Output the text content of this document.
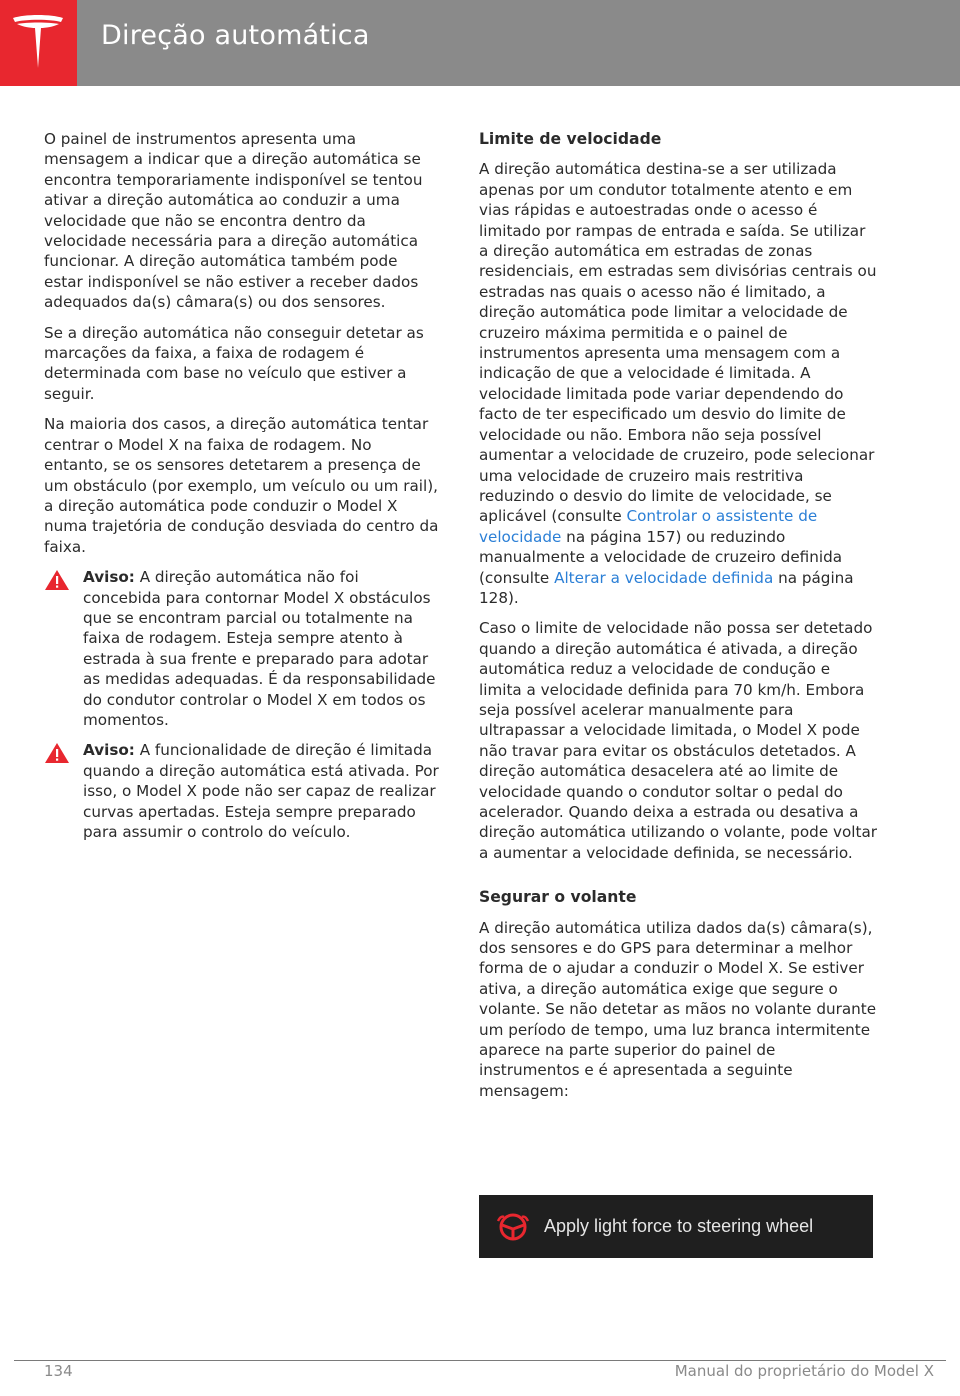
Direção automática

O painel de instrumentos apresenta uma mensagem a indicar que a direção automática se encontra temporariamente indisponível se tentou ativar a direção automática ao conduzir a uma velocidade que não se encontra dentro da velocidade necessária para a direção automática funcionar. A direção automática também pode estar indisponível se não estiver a receber dados adequados da(s) câmara(s) ou dos sensores.

Se a direção automática não conseguir detetar as marcações da faixa, a faixa de rodagem é determinada com base no veículo que estiver a seguir.

Na maioria dos casos, a direção automática tentar centrar o Model X na faixa de rodagem. No entanto, se os sensores detetarem a presença de um obstáculo (por exemplo, um veículo ou um rail), a direção automática pode conduzir o Model X numa trajetória de condução desviada do centro da faixa.

Aviso: A direção automática não foi concebida para contornar Model X obstáculos que se encontram parcial ou totalmente na faixa de rodagem. Esteja sempre atento à estrada à sua frente e preparado para adotar as medidas adequadas. É da responsabilidade do condutor controlar o Model X em todos os momentos.
Aviso: A funcionalidade de direção é limitada quando a direção automática está ativada. Por isso, o Model X pode não ser capaz de realizar curvas apertadas. Esteja sempre preparado para assumir o controlo do veículo.
Limite de velocidade

A direção automática destina-se a ser utilizada apenas por um condutor totalmente atento e em vias rápidas e autoestradas onde o acesso é limitado por rampas de entrada e saída. Se utilizar a direção automática em estradas de zonas residenciais, em estradas sem divisórias centrais ou estradas nas quais o acesso não é limitado, a direção automática pode limitar a velocidade de cruzeiro máxima permitida e o painel de instrumentos apresenta uma mensagem com a indicação de que a velocidade é limitada. A velocidade limitada pode variar dependendo do facto de ter especificado um desvio do limite de velocidade ou não. Embora não seja possível aumentar a velocidade de cruzeiro, pode selecionar uma velocidade de cruzeiro mais restritiva reduzindo o desvio do limite de velocidade, se aplicável (consulte Controlar o assistente de velocidade na página 157) ou reduzindo manualmente a velocidade de cruzeiro definida (consulte Alterar a velocidade definida na página 128).

Caso o limite de velocidade não possa ser detetado quando a direção automática é ativada, a direção automática reduz a velocidade de condução e limita a velocidade definida para 70 km/h. Embora seja possível acelerar manualmente para ultrapassar a velocidade limitada, o Model X pode não travar para evitar os obstáculos detetados. A direção automática desacelera até ao limite de velocidade quando o condutor soltar o pedal do acelerador. Quando deixa a estrada ou desativa a direção automática utilizando o volante, pode voltar a aumentar a velocidade definida, se necessário.

Segurar o volante

A direção automática utiliza dados da(s) câmara(s), dos sensores e do GPS para determinar a melhor forma de o ajudar a conduzir o Model X. Se estiver ativa, a direção automática exige que segure o volante. Se não detetar as mãos no volante durante um período de tempo, uma luz branca intermitente aparece na parte superior do painel de instrumentos e é apresentada a seguinte mensagem:

Apply light force to steering wheel
134	Manual do proprietário do Model X
